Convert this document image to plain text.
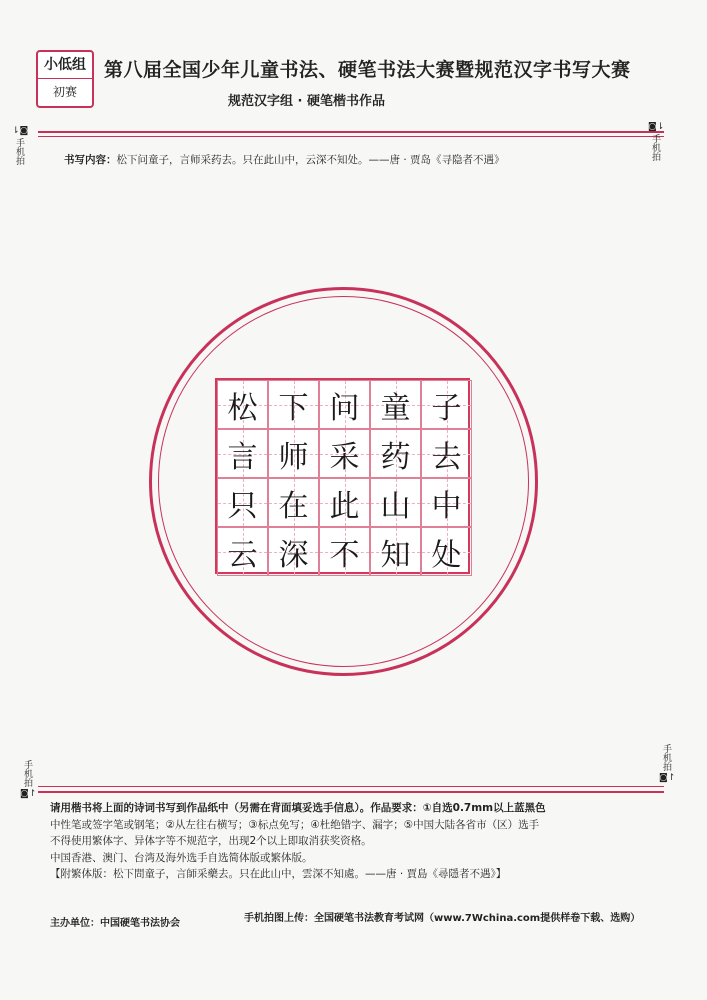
小低组
初赛
第八届全国少年儿童书法、硬笔书法大赛暨规范汉字书写大赛
规范汉字组 · 硬笔楷书作品
⇂◙
手机拍
◙⇂
手机拍
书写内容：松下问童子，言师采药去。只在此山中，云深不知处。——唐 · 贾岛《寻隐者不遇》
松 下 问 童 子
言 师 采 药 去
只 在 此 山 中
云 深 不 知 处
手机拍
◙↾
手机拍
◙↾

请用楷书将上面的诗词书写到作品纸中（另需在背面填妥选手信息）。作品要求：①自选0.7mm以上蓝黑色

中性笔或签字笔或钢笔；②从左往右横写；③标点免写；④杜绝错字、漏字；⑤中国大陆各省市（区）选手

不得使用繁体字、异体字等不规范字，出现2个以上即取消获奖资格。

中国香港、澳门、台湾及海外选手自选简体版或繁体版。

【附繁体版：松下問童子，言師采藥去。只在此山中，雲深不知處。——唐 · 賈島《尋隱者不遇》】

主办单位：中国硬笔书法协会	手机拍图上传：全国硬笔书法教育考试网（www.7Wchina.com提供样卷下载、选购）
